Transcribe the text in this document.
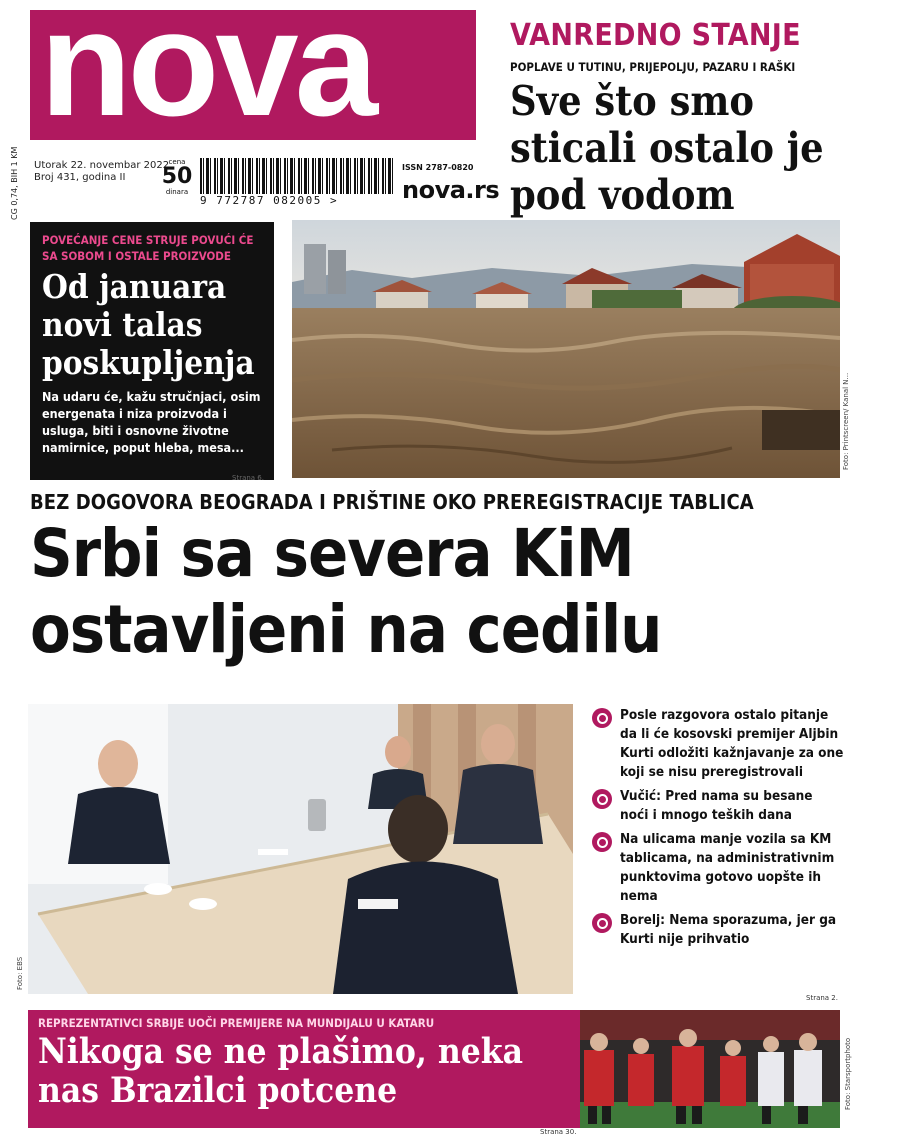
nova
CG 0,74, BIH 1 KM	Utorak 22. novembar 2022.
Broj 431, godina II
cena
50
dinara
9 772787 082005 >
ISSN 2787-0820
nova.rs
VANREDNO STANJE
POPLAVE U TUTINU, PRIJEPOLJU, PAZARU I RAŠKI
Sve što smo sticali ostalo je pod vodom
POVEĆANJE CENE STRUJE POVUĆI ĆE SA SOBOM I OSTALE PROIZVODE
Od januara novi talas poskupljenja
Na udaru će, kažu stručnjaci, osim energenata i niza proizvoda i usluga, biti i osnovne životne namirnice, poput hleba, mesa...
Strana 6.
Foto: Printscreen/ Kanal N...
BEZ DOGOVORA BEOGRADA I PRIŠTINE OKO PREREGISTRACIJE TABLICA
Srbi sa severa KiM
ostavljeni na cedilu
Foto: EBS
Posle razgovora ostalo pitanje da li će kosovski premijer Aljbin Kurti odložiti kažnjavanje za one koji se nisu preregistrovali
Vučić: Pred nama su besane noći i mnogo teških dana
Na ulicama manje vozila sa KM tablicama, na administrativnim punktovima gotovo uopšte ih nema
Borelj: Nema sporazuma, jer ga Kurti nije prihvatio
Strana 2.
REPREZENTATIVCI SRBIJE UOČI PREMIJERE NA MUNDIJALU U KATARU
Nikoga se ne plašimo, neka nas Brazilci potcene
Strana 30.
Foto: Starsportphoto
